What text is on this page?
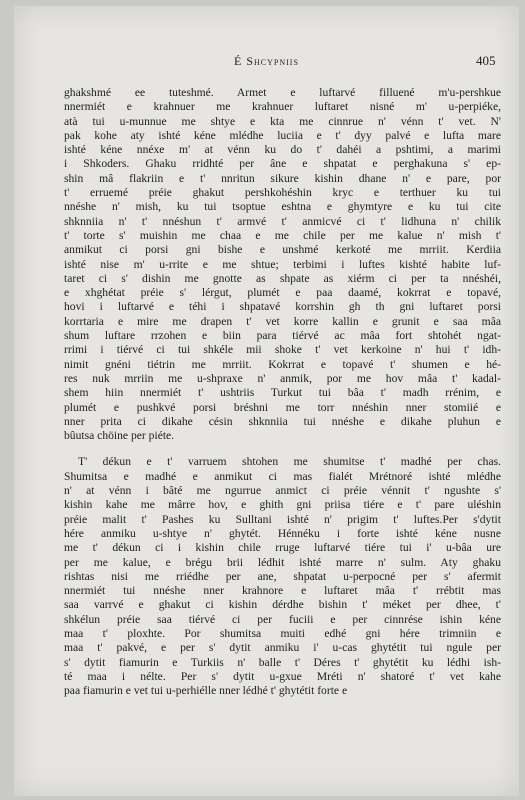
É Shcypniis	405
ghakshmé ee tuteshmé. Armet e luftarvé filluené m'u-pershkue
nnermiét e krahnuer me krahnuer luftaret nisné m' u-perpiéke,
atà tui u-munnue me shtye e kta me cinnrue n' vénn t' vet. N'
pak kohe aty ishté kéne mlédhe luciia e t' dyy palvé e lufta mare
ishté kéne nnéxe m' at vénn ku do t' dahéi a pshtimi, a marimi
i Shkoders. Ghaku rridhté per âne e shpatat e perghakuna s' ep-
shin mâ flakriin e t' nnritun sikure kishin dhane n' e pare, por
t' erruemé préie ghakut pershkohéshin kryc e terthuer ku tui
nnéshe n' mish, ku tui tsoptue eshtna e ghymtyre e ku tui cite
shknniia n' t' nnéshun t' armvé t' anmicvé ci t' lidhuna n' chilik
t' torte s' muishin me chaa e me chile per me kalue n' mish t'
anmikut ci porsi gni bishe e unshmé kerkoté me mrriit. Kerdiia
ishté nise m' u-rrite e me shtue; terbimi i luftes kishté habite luf-
taret ci s' dishin me gnotte as shpate as xiérm ci per ta nnéshéi,
e xhghétat préie s' lérgut, plumét e paa daamé, kokrrat e topavé,
hovi i luftarvé e téhi i shpatavé korrshin gh th gni luftaret porsi
korrtaria e mire me drapen t' vet korre kallin e grunit e saa mâa
shum luftare rrzohen e biin para tiérvé ac mâa fort shtohét ngat-
rrimi i tiérvé ci tui shkéle mii shoke t' vet kerkoine n' hui t' idh-
nimit gnéni tiétrin me mrriit. Kokrrat e topavé t' shumen e hé-
res nuk mrriin me u-shpraxe n' anmik, por me hov mâa t' kadal-
shem hiin nnermiét t' ushtriis Turkut tui bâa t' madh rrénim, e
plumét e pushkvé porsi bréshni me torr nnéshin nner stomiié e
nner prita ci dikahe césin shknniia tui nnéshe e dikahe pluhun e
bûutsa chöine per piéte.
T' dékun e t' varruem shtohen me shumitse t' madhé per chas.
Shumitsa e madhé e anmikut ci mas fialét Mrétnoré ishté mlédhe
n' at vénn i bâté me ngurrue anmict ci préie vénnit t' ngushte s'
kishin kahe me mârre hov, e ghith gni priisa tiére e t' pare uléshin
préie malit t' Pashes ku Sulltani ishté n' prigim t' luftes.Per s'dytit
hére anmiku u-shtye n' ghytét. Hénnéku i forte ishté kéne nusne
me t' dékun ci i kishin chile rruge luftarvé tiére tui i' u-bâa ure
per me kalue, e brégu brii lédhit ishté marre n' sulm. Aty ghaku
rishtas nisi me rriédhe per ane, shpatat u-perpocné per s' afermit
nnermiét tui nnéshe nner krahnore e luftaret mâa t' rrébtit mas
saa varrvé e ghakut ci kishin dérdhe bishin t' méket per dhee, t'
shkélun préie saa tiérvé ci per fuciii e per cinnrése ishin kéne
maa t' ploxhte. Por shumitsa muiti edhé gni hére trimniin e
maa t' pakvé, e per s' dytit anmiku i' u-cas ghytétit tui ngule per
s' dytit fiamurin e Turkiis n' balle t' Déres t' ghytétit ku lédhi ish-
té maa i nélte. Per s' dytit u-gxue Mréti n' shatoré t' vet kahe
paa fiamurin e vet tui u-perhiélle nner lédhé t' ghytétit forte e
